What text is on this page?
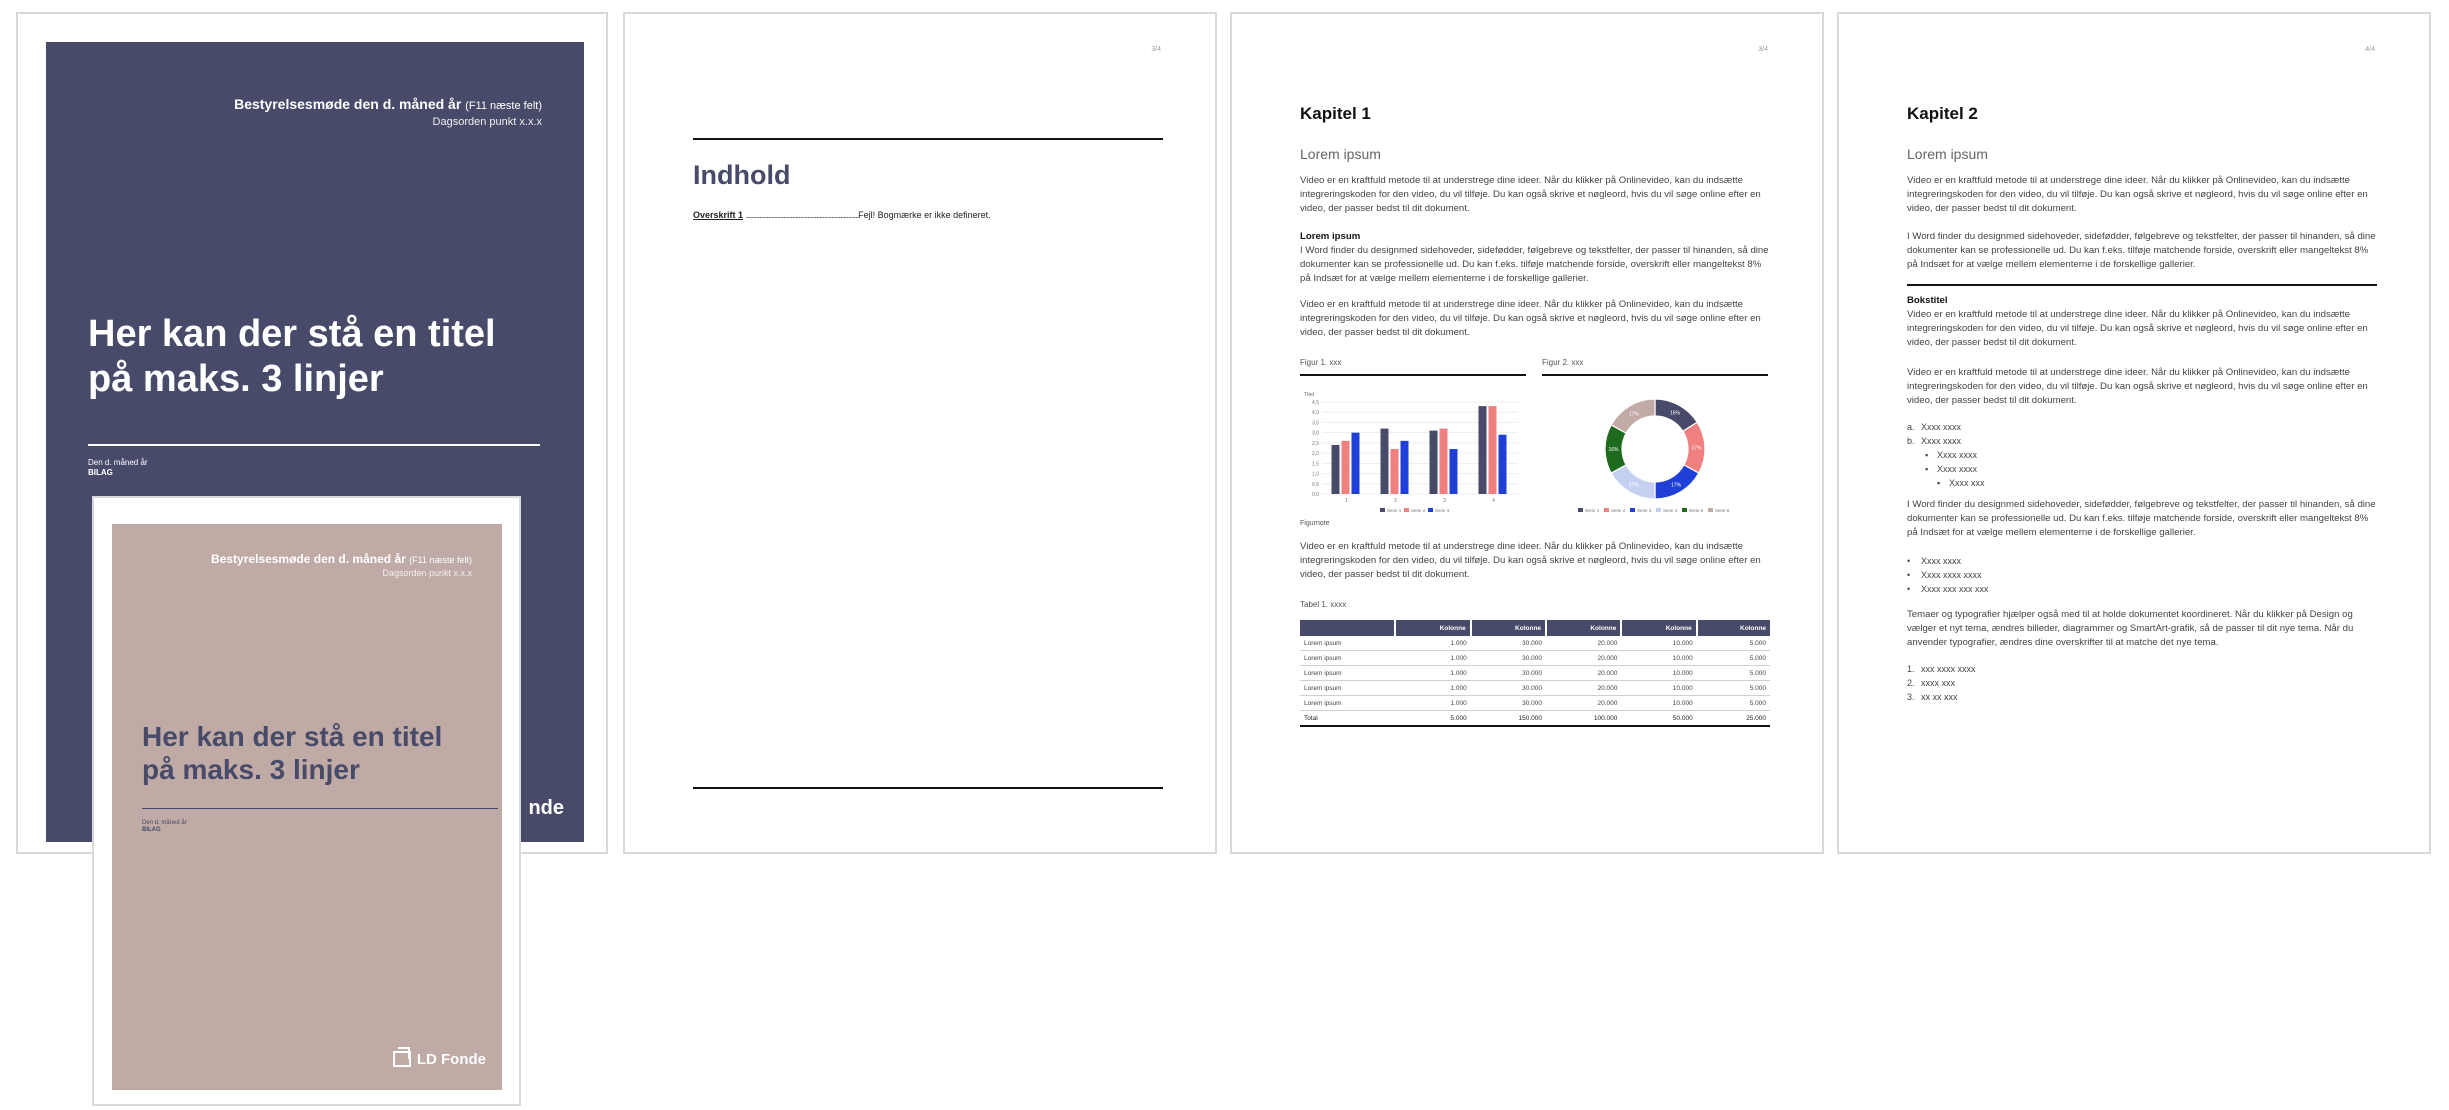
Bestyrelsesmøde den d. måned år (F11 næste felt)
Dagsorden punkt x.x.x
Her kan der stå en titel
på maks. 3 linjer
Den d. måned år
BILAG
nde
3/4
Indhold
Overskrift 1 ...........................................................................Fejl! Bogmærke er ikke defineret.
3/4
Kapitel 1
Lorem ipsum

Video er en kraftfuld metode til at understrege dine ideer. Når du klikker på Onlinevideo, kan du indsætte integreringskoden for den video, du vil tilføje. Du kan også skrive et nøgleord, hvis du vil søge online efter en video, der passer bedst til dit dokument.

Lorem ipsum

I Word finder du designmed sidehoveder, sidefødder, følgebreve og tekstfelter, der passer til hinanden, så dine dokumenter kan se professionelle ud. Du kan f.eks. tilføje matchende forside, overskrift eller mangeltekst 8% på Indsæt for at vælge mellem elementerne i de forskellige gallerier.

Video er en kraftfuld metode til at understrege dine ideer. Når du klikker på Onlinevideo, kan du indsætte integreringskoden for den video, du vil tilføje. Du kan også skrive et nøgleord, hvis du vil søge online efter en video, der passer bedst til dit dokument.

Figur 1. xxx	Figur 2. xxx
Titel
0,0
0,5
1,0
1,5
2,0
2,5
3,0
3,5
4,0
4,5
1	2	3	4
Serie 1 Serie 2 Serie 3
16%
17%
17%
17%
16%
17%
Serie 1	Serie 2	Serie 3	Serie 4	Serie 5	Serie 6
Figurnote

Video er en kraftfuld metode til at understrege dine ideer. Når du klikker på Onlinevideo, kan du indsætte integreringskoden for den video, du vil tilføje. Du kan også skrive et nøgleord, hvis du vil søge online efter en video, der passer bedst til dit dokument.

Tabel 1. xxxx
	Kolonne	Kolonne	Kolonne	Kolonne	Kolonne
Lorem ipsum	1.000	30.000	20.000	10.000	5.000
Lorem ipsum	1.000	30.000	20.000	10.000	5.000
Lorem ipsum	1.000	30.000	20.000	10.000	5.000
Lorem ipsum	1.000	30.000	20.000	10.000	5.000
Lorem ipsum	1.000	30.000	20.000	10.000	5.000
Total	5.000	150.000	100.000	50.000	25.000
4/4
Kapitel 2
Lorem ipsum

Video er en kraftfuld metode til at understrege dine ideer. Når du klikker på Onlinevideo, kan du indsætte integreringskoden for den video, du vil tilføje. Du kan også skrive et nøgleord, hvis du vil søge online efter en video, der passer bedst til dit dokument.

I Word finder du designmed sidehoveder, sidefødder, følgebreve og tekstfelter, der passer til hinanden, så dine dokumenter kan se professionelle ud. Du kan f.eks. tilføje matchende forside, overskrift eller mangeltekst 8% på Indsæt for at vælge mellem elementerne i de forskellige gallerier.

Bokstitel

Video er en kraftfuld metode til at understrege dine ideer. Når du klikker på Onlinevideo, kan du indsætte integreringskoden for den video, du vil tilføje. Du kan også skrive et nøgleord, hvis du vil søge online efter en video, der passer bedst til dit dokument.

Video er en kraftfuld metode til at understrege dine ideer. Når du klikker på Onlinevideo, kan du indsætte integreringskoden for den video, du vil tilføje. Du kan også skrive et nøgleord, hvis du vil søge online efter en video, der passer bedst til dit dokument.

a. Xxxx xxxx
b. Xxxx xxxx
▪ Xxxx xxxx
▪ Xxxx xxxx
▪ Xxxx xxx

I Word finder du designmed sidehoveder, sidefødder, følgebreve og tekstfelter, der passer til hinanden, så dine dokumenter kan se professionelle ud. Du kan f.eks. tilføje matchende forside, overskrift eller mangeltekst 8% på Indsæt for at vælge mellem elementerne i de forskellige gallerier.

• Xxxx xxxx
• Xxxx xxxx xxxx
• Xxxx xxx xxx xxx

Temaer og typografier hjælper også med til at holde dokumentet koordineret. Når du klikker på Design og vælger et nyt tema, ændres billeder, diagrammer og SmartArt-grafik, så de passer til dit nye tema. Når du anvender typografier, ændres dine overskrifter til at matche det nye tema.

1. xxx xxxx xxxx
2. xxxx xxx
3. xx xx xxx
Bestyrelsesmøde den d. måned år (F11 næste felt)
Dagsorden punkt x.x.x
Her kan der stå en titel
på maks. 3 linjer
Den d. måned år
BILAG
LD Fonde
